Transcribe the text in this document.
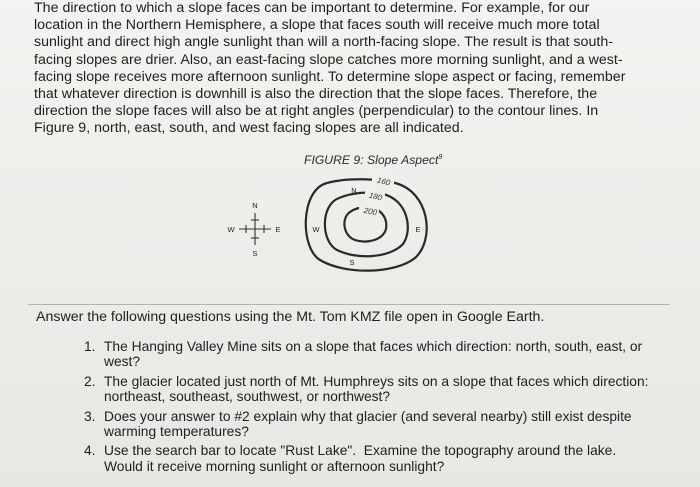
The direction to which a slope faces can be important to determine. For example, for our
location in the Northern Hemisphere, a slope that faces south will receive much more total
sunlight and direct high angle sunlight than will a north-facing slope. The result is that south-
facing slopes are drier. Also, an east-facing slope catches more morning sunlight, and a west-
facing slope receives more afternoon sunlight. To determine slope aspect or facing, remember
that whatever direction is downhill is also the direction that the slope faces. Therefore, the
direction the slope faces will also be at right angles (perpendicular) to the contour lines. In
Figure 9, north, east, south, and west facing slopes are all indicated.

FIGURE 9: Slope Aspect$^9$
N
E
S
W
160
180
200
N
E
S
W
Answer the following questions using the Mt. Tom KMZ file open in Google Earth.
1. The Hanging Valley Mine sits on a slope that faces which direction: north, south, east, or
west?
2. The glacier located just north of Mt. Humphreys sits on a slope that faces which direction:
northeast, southeast, southwest, or northwest?
3. Does your answer to #2 explain why that glacier (and several nearby) still exist despite
warming temperatures?
4. Use the search bar to locate "Rust Lake".  Examine the topography around the lake.
Would it receive morning sunlight or afternoon sunlight?
